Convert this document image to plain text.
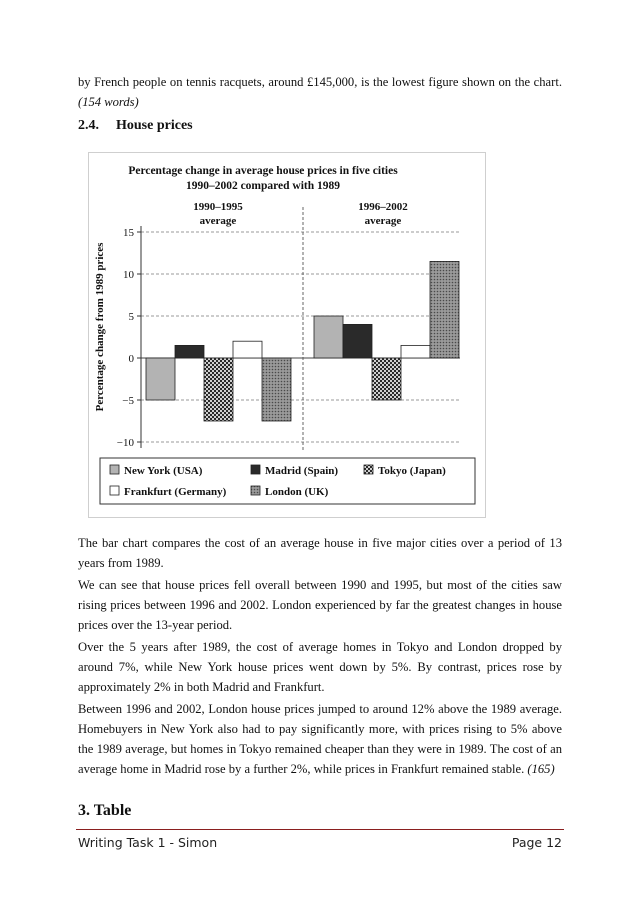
by French people on tennis racquets, around £145,000, is the lowest figure shown on the chart. (154 words)

2.4. House prices
Percentage change in average house prices in five cities
1990–2002 compared with 1989
15
10
5
0
−5
−10
1990–1995
average
1996–2002
average
Percentage change from 1989 prices
New York (USA)	Madrid (Spain)	Tokyo (Japan)
Frankfurt (Germany)	London (UK)

The bar chart compares the cost of an average house in five major cities over a period of 13 years from 1989.

We can see that house prices fell overall between 1990 and 1995, but most of the cities saw rising prices between 1996 and 2002. London experienced by far the greatest changes in house prices over the 13-year period.

Over the 5 years after 1989, the cost of average homes in Tokyo and London dropped by around 7%, while New York house prices went down by 5%. By contrast, prices rose by approximately 2% in both Madrid and Frankfurt.

Between 1996 and 2002, London house prices jumped to around 12% above the 1989 average. Homebuyers in New York also had to pay significantly more, with prices rising to 5% above the 1989 average, but homes in Tokyo remained cheaper than they were in 1989. The cost of an average home in Madrid rose by a further 2%, while prices in Frankfurt remained stable. (165)

3. Table
Writing Task 1 - Simon	Page 12
